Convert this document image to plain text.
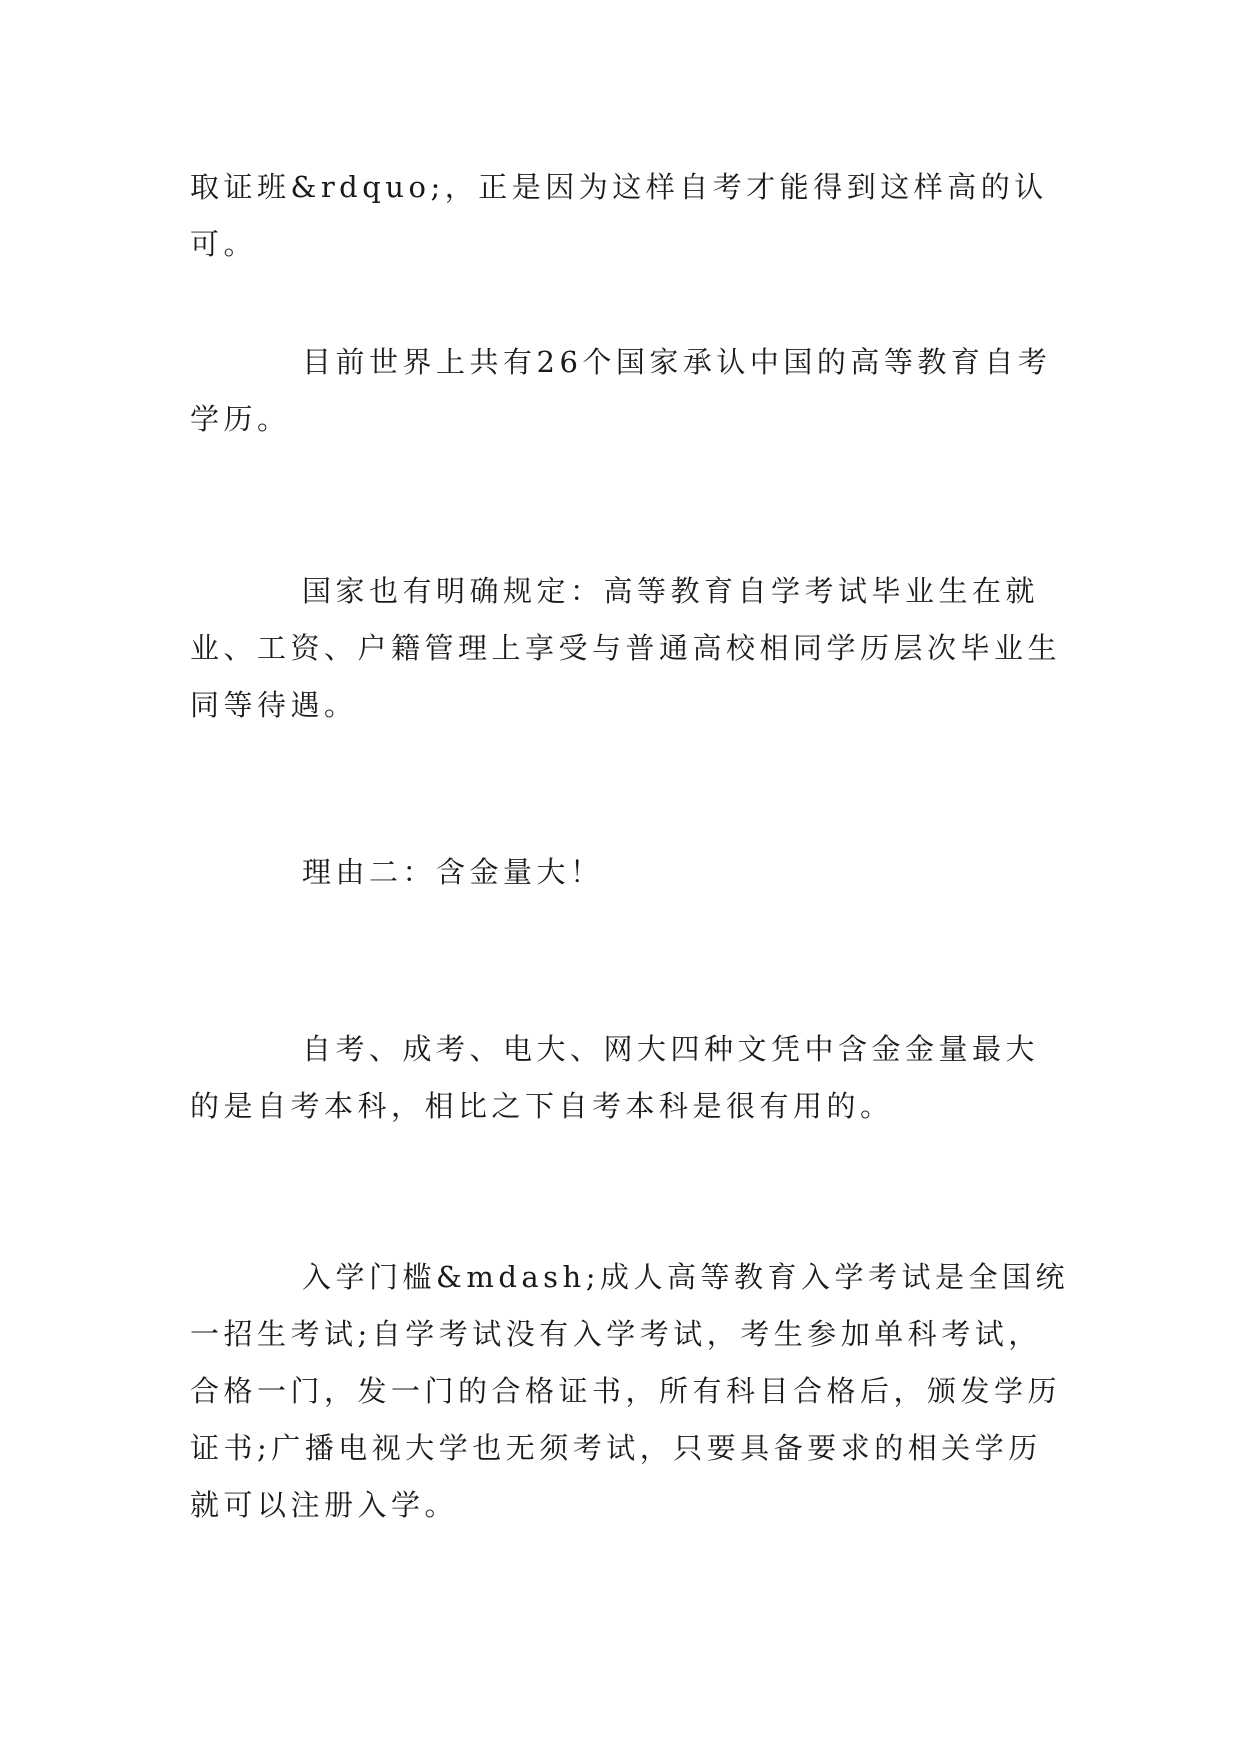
取证班&rdquo;，正是因为这样自考才能得到这样高的认可。

目前世界上共有26个国家承认中国的高等教育自考学历。

国家也有明确规定：高等教育自学考试毕业生在就业、工资、户籍管理上享受与普通高校相同学历层次毕业生同等待遇。

理由二：含金量大！

自考、成考、电大、网大四种文凭中含金金量最大的是自考本科，相比之下自考本科是很有用的。

入学门槛&mdash;成人高等教育入学考试是全国统一招生考试;自学考试没有入学考试，考生参加单科考试，合格一门，发一门的合格证书，所有科目合格后，颁发学历证书;广播电视大学也无须考试，只要具备要求的相关学历就可以注册入学。
